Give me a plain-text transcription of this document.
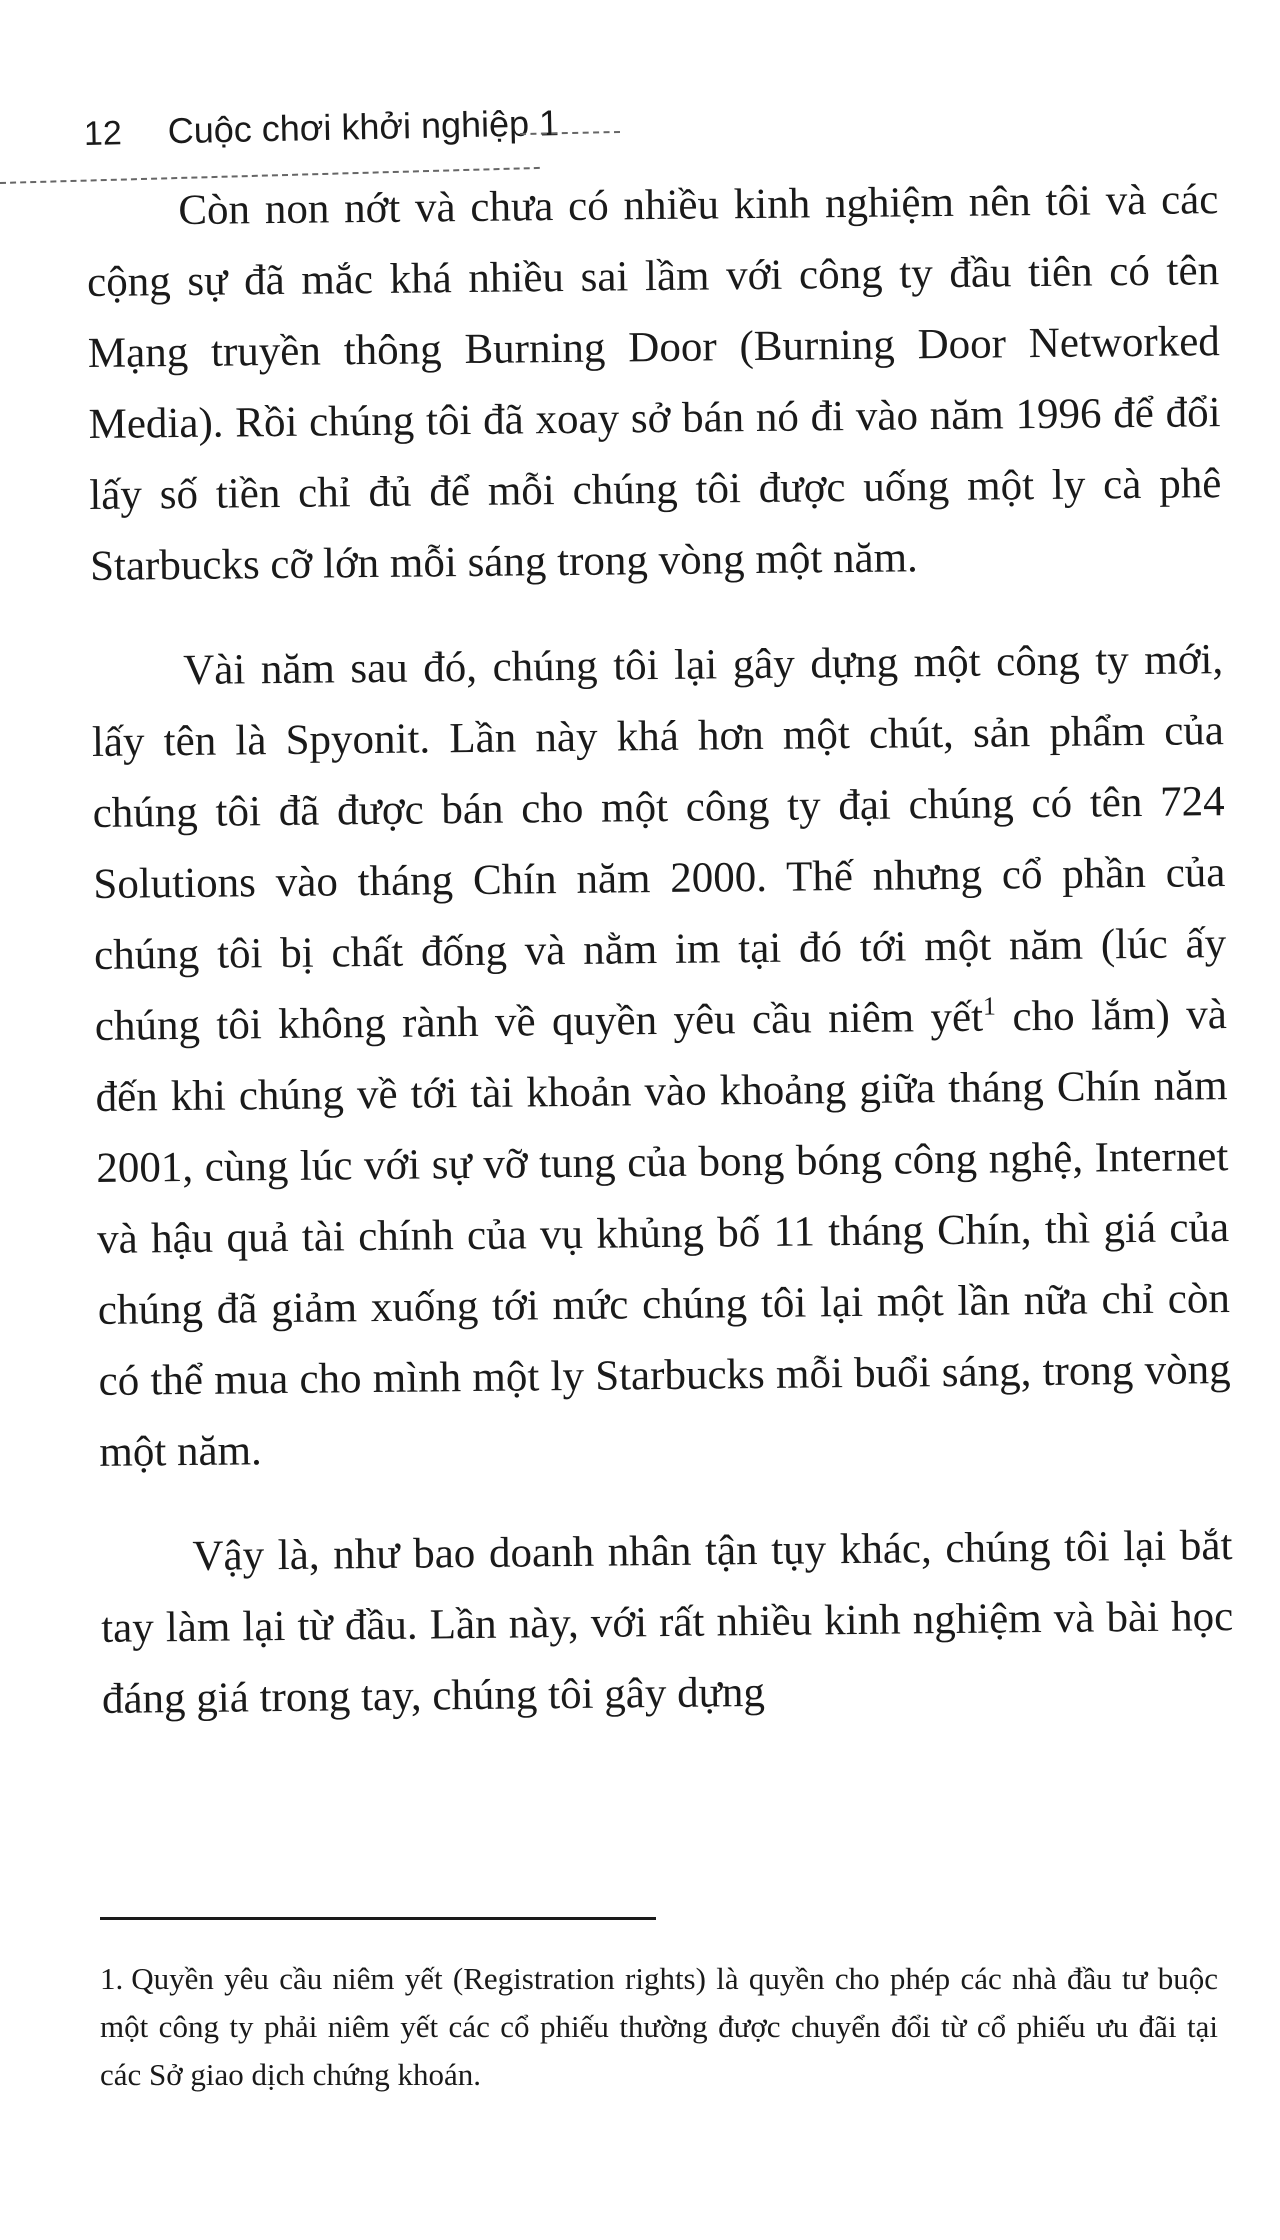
12 Cuộc chơi khởi nghiệp 1

Còn non nớt và chưa có nhiều kinh nghiệm nên tôi và các cộng sự đã mắc khá nhiều sai lầm với công ty đầu tiên có tên Mạng truyền thông Burning Door (Burning Door Networked Media). Rồi chúng tôi đã xoay sở bán nó đi vào năm 1996 để đổi lấy số tiền chỉ đủ để mỗi chúng tôi được uống một ly cà phê Starbucks cỡ lớn mỗi sáng trong vòng một năm.

Vài năm sau đó, chúng tôi lại gây dựng một công ty mới, lấy tên là Spyonit. Lần này khá hơn một chút, sản phẩm của chúng tôi đã được bán cho một công ty đại chúng có tên 724 Solutions vào tháng Chín năm 2000. Thế nhưng cổ phần của chúng tôi bị chất đống và nằm im tại đó tới một năm (lúc ấy chúng tôi không rành về quyền yêu cầu niêm yết$^1$ cho lắm) và đến khi chúng về tới tài khoản vào khoảng giữa tháng Chín năm 2001, cùng lúc với sự vỡ tung của bong bóng công nghệ, Internet và hậu quả tài chính của vụ khủng bố 11 tháng Chín, thì giá của chúng đã giảm xuống tới mức chúng tôi lại một lần nữa chỉ còn có thể mua cho mình một ly Starbucks mỗi buổi sáng, trong vòng một năm.

Vậy là, như bao doanh nhân tận tụy khác, chúng tôi lại bắt tay làm lại từ đầu. Lần này, với rất nhiều kinh nghiệm và bài học đáng giá trong tay, chúng tôi gây dựng

1. Quyền yêu cầu niêm yết (Registration rights) là quyền cho phép các nhà đầu tư buộc một công ty phải niêm yết các cổ phiếu thường được chuyển đổi từ cổ phiếu ưu đãi tại các Sở giao dịch chứng khoán.
